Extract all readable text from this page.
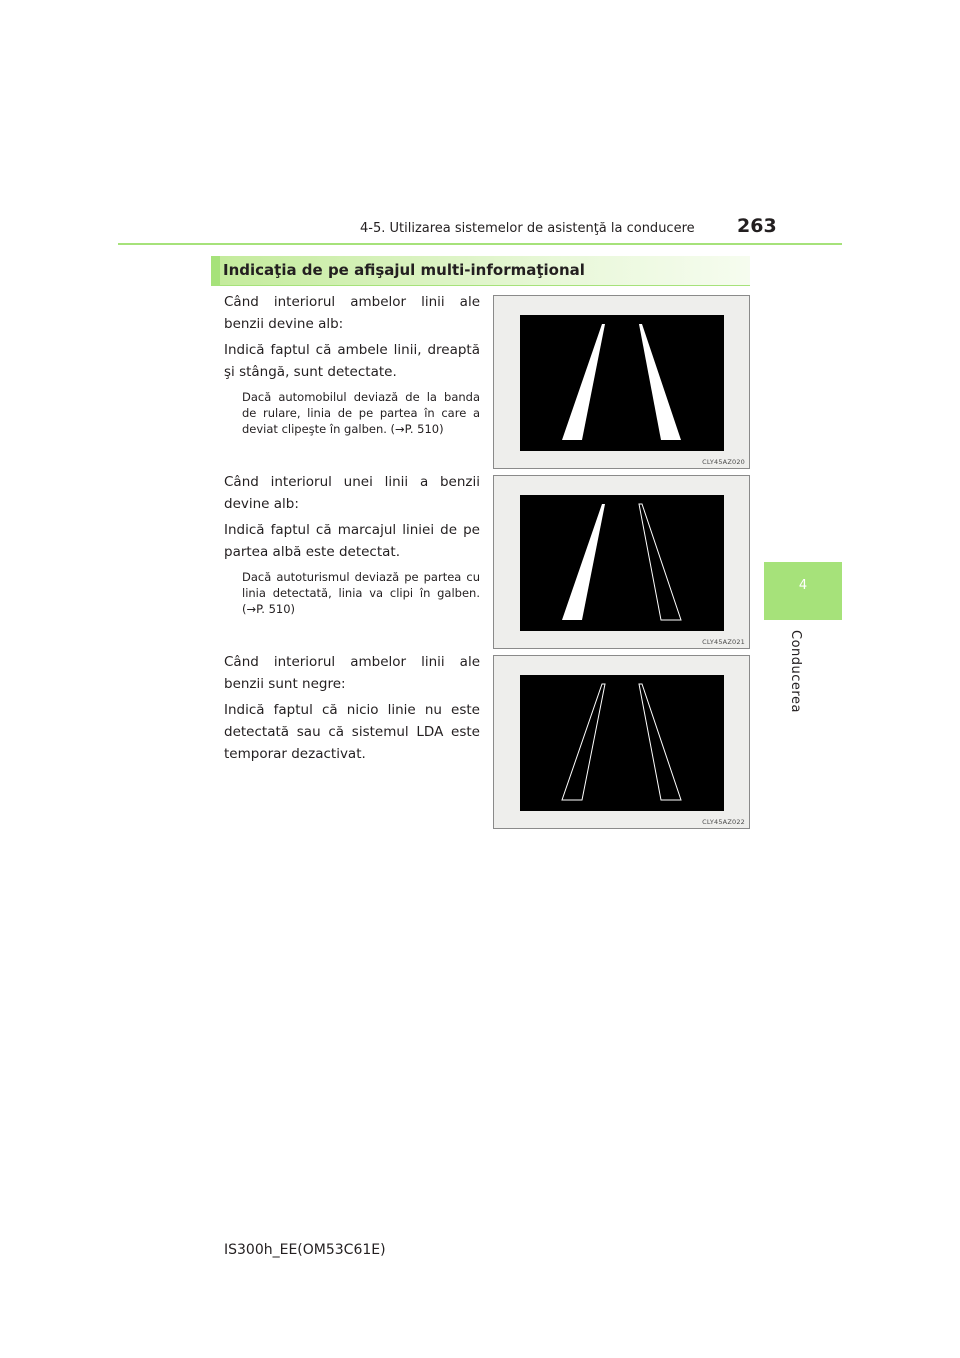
4-5. Utilizarea sistemelor de asistenţă la conducere 263
4
Conducerea
Indicaţia de pe afişajul multi-informaţional

Când interiorul ambelor linii ale benzii devine alb:

Indică faptul că ambele linii, dreaptă şi stângă, sunt detectate.

Dacă automobilul deviază de la banda de rulare, linia de pe partea în care a deviat clipeşte în galben. (→P. 510)

CLY45AZ020

Când interiorul unei linii a benzii devine alb:

Indică faptul că marcajul liniei de pe partea albă este detectat.

Dacă autoturismul deviază pe partea cu linia detectată, linia va clipi în galben. (→P. 510)

CLY45AZ021

Când interiorul ambelor linii ale benzii sunt negre:

Indică faptul că nicio linie nu este detectată sau că sistemul LDA este temporar dezactivat.

CLY45AZ022
IS300h_EE(OM53C61E)
